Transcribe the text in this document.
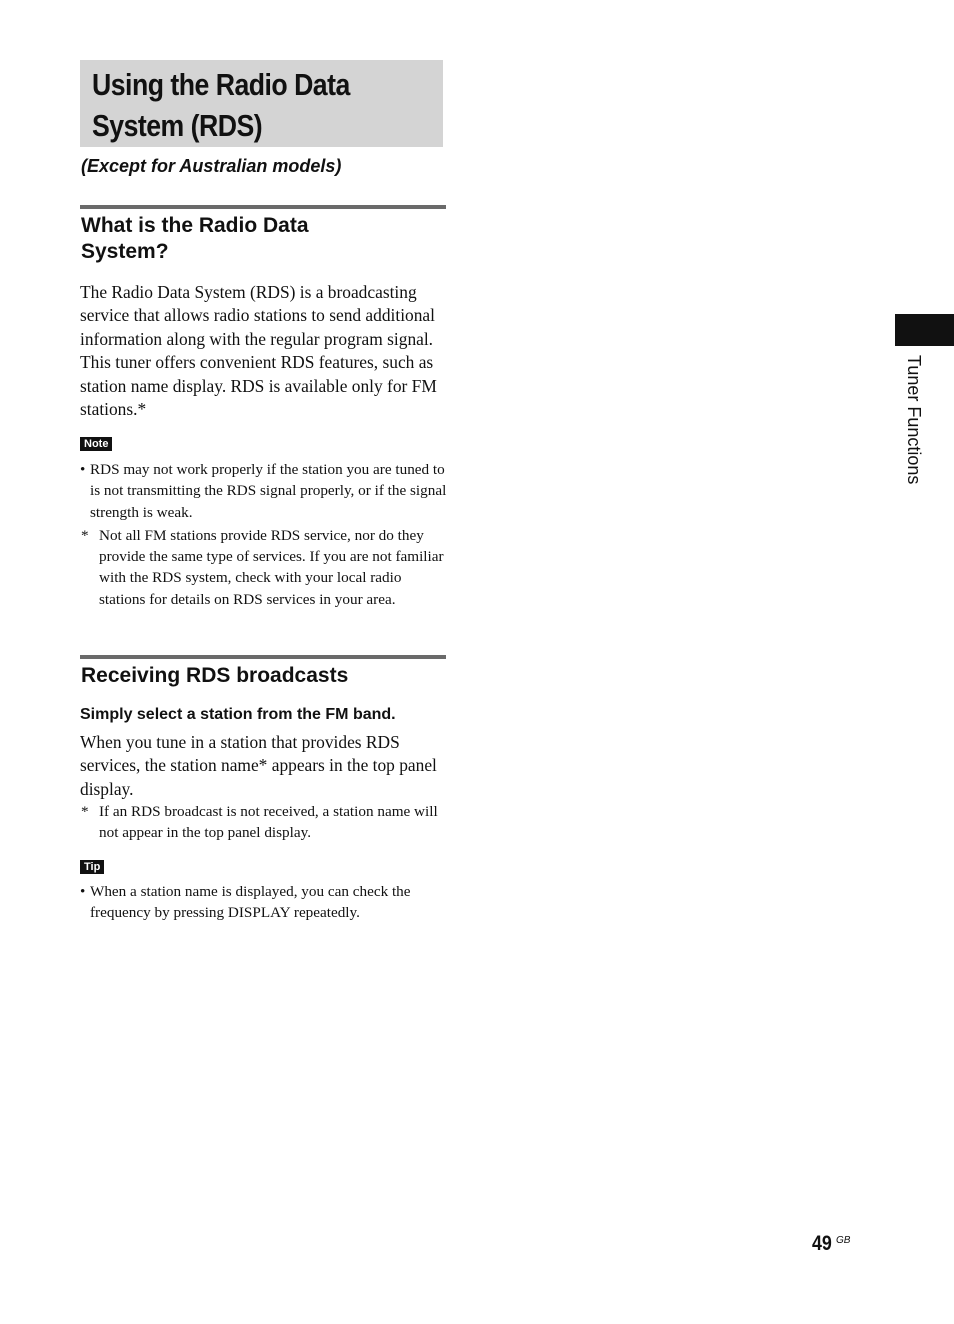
Using the Radio Data
System (RDS)
(Except for Australian models)
What is the Radio Data
System?

The Radio Data System (RDS) is a broadcasting service that allows radio stations to send additional information along with the regular program signal. This tuner offers convenient RDS features, such as station name display. RDS is available only for FM stations.*

Note
• RDS may not work properly if the station you are tuned to is not transmitting the RDS signal properly, or if the signal strength is weak.
* Not all FM stations provide RDS service, nor do they provide the same type of services. If you are not familiar with the RDS system, check with your local radio stations for details on RDS services in your area.
Receiving RDS broadcasts

Simply select a station from the FM band.

When you tune in a station that provides RDS services, the station name* appears in the top panel display.

* If an RDS broadcast is not received, a station name will not appear in the top panel display.
Tip
• When a station name is displayed, you can check the frequency by pressing DISPLAY repeatedly.
Tuner Functions
49 GB
